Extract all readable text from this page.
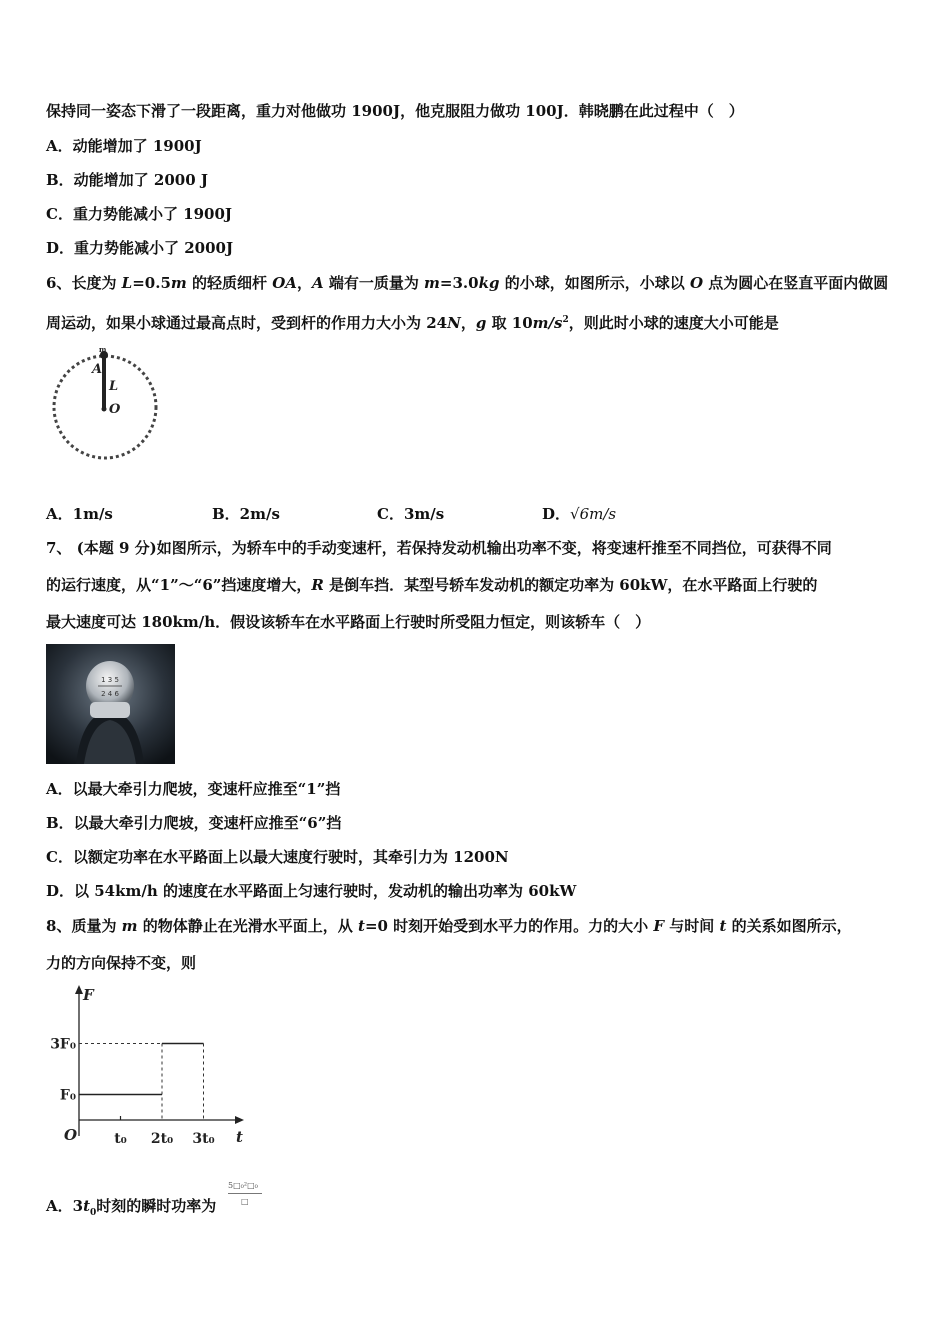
保持同一姿态下滑了一段距离，重力对他做功 1900J，他克服阻力做功 100J．韩晓鹏在此过程中（　）
A．动能增加了 1900J
B．动能增加了 2000 J
C．重力势能减小了 1900J
D．重力势能减小了 2000J
6、长度为 L=0.5m 的轻质细杆 OA，A 端有一质量为 m=3.0kg 的小球，如图所示，小球以 O 点为圆心在竖直平面内做圆
周运动，如果小球通过最高点时，受到杆的作用力大小为 24N，g 取 $10m/s^2$，则此时小球的速度大小可能是
m
A
L
O
A．1m/s	B．2m/s	C．3m/s	D．√6m/s
7、 (本题 9 分)如图所示，为轿车中的手动变速杆，若保持发动机输出功率不变，将变速杆推至不同挡位，可获得不同
的运行速度，从“1”～“6”挡速度增大，R 是倒车挡．某型号轿车发动机的额定功率为 60kW，在水平路面上行驶的
最大速度可达 180km/h．假设该轿车在水平路面上行驶时所受阻力恒定，则该轿车（　）
1 3 5
2 4 6
A．以最大牵引力爬坡，变速杆应推至“1”挡
B．以最大牵引力爬坡，变速杆应推至“6”挡
C．以额定功率在水平路面上以最大速度行驶时，其牵引力为 1200N
D．以 54km/h 的速度在水平路面上匀速行驶时，发动机的输出功率为 60kW
8、质量为 m 的物体静止在光滑水平面上，从 t=0 时刻开始受到水平力的作用。力的大小 F 与时间 t 的关系如图所示，
力的方向保持不变，则
F
t
O
F₀
3F₀
t₀ 2t₀ 3t₀
A．$3t_0$时刻的瞬时功率为
5□₀²□₀
□
